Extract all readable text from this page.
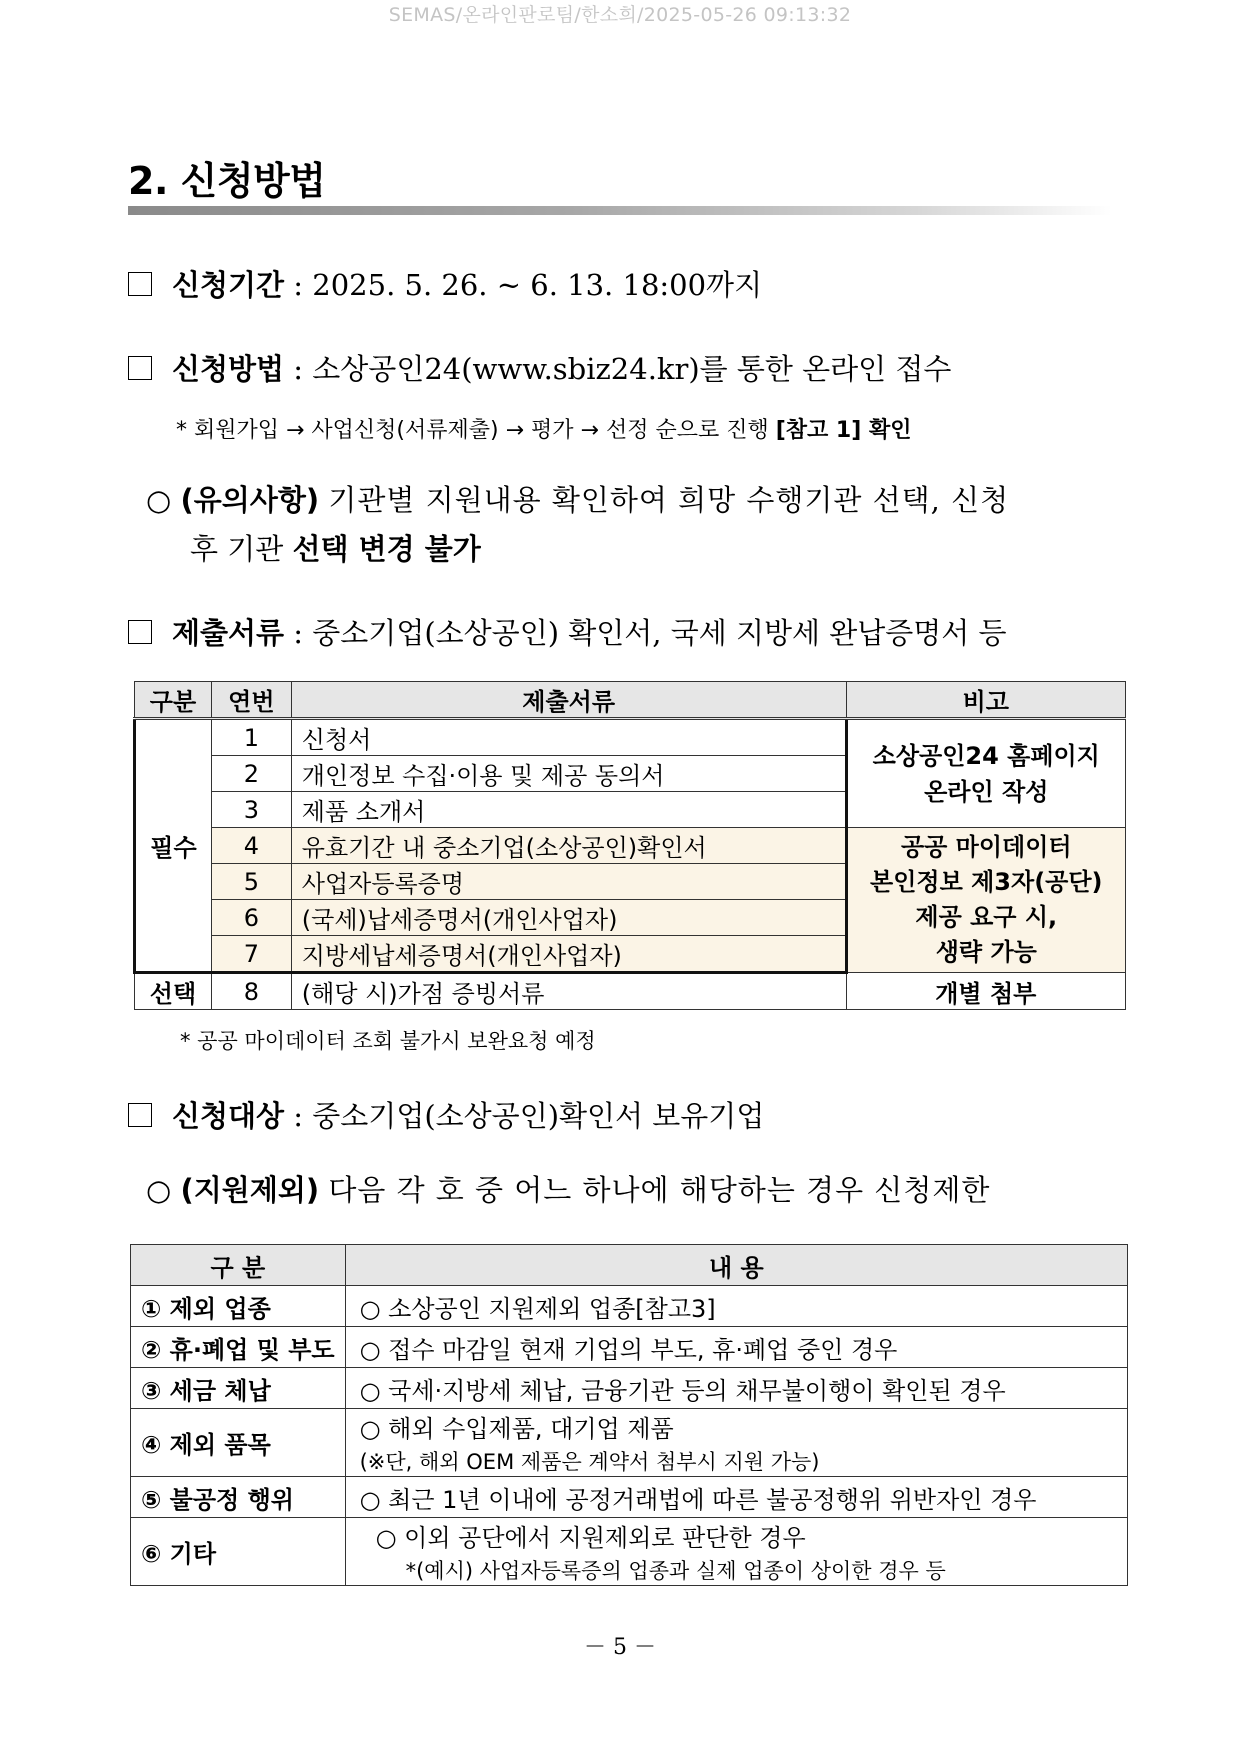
SEMAS/온라인판로팀/한소희/2025-05-26 09:13:32
2. 신청방법
신청기간 : 2025. 5. 26. ~ 6. 13. 18:00까지
신청방법 : 소상공인24(www.sbiz24.kr)를 통한 온라인 접수
* 회원가입 → 사업신청(서류제출) → 평가 → 선정 순으로 진행 [참고 1] 확인
○ (유의사항) 기관별 지원내용 확인하여 희망 수행기관 선택, 신청
후 기관 선택 변경 불가
제출서류 : 중소기업(소상공인) 확인서, 국세 지방세 완납증명서 등
구분	연번	제출서류	비고
필수	1	신청서	소상공인24 홈페이지
온라인 작성
	2	개인정보 수집·이용 및 제공 동의서	
	3	제품 소개서	
	4	유효기간 내 중소기업(소상공인)확인서	공공 마이데이터
본인정보 제3자(공단)
제공 요구 시,
생략 가능
	5	사업자등록증명	
	6	(국세)납세증명서(개인사업자)	
	7	지방세납세증명서(개인사업자)	
선택	8	(해당 시)가점 증빙서류	개별 첨부
* 공공 마이데이터 조회 불가시 보완요청 예정
신청대상 : 중소기업(소상공인)확인서 보유기업
○ (지원제외) 다음 각 호 중 어느 하나에 해당하는 경우 신청제한
구 분	내 용
① 제외 업종	○ 소상공인 지원제외 업종[참고3]
② 휴·폐업 및 부도	○ 접수 마감일 현재 기업의 부도, 휴·폐업 중인 경우
③ 세금 체납	○ 국세·지방세 체납, 금융기관 등의 채무불이행이 확인된 경우
④ 제외 품목	○ 해외 수입제품, 대기업 제품
(※단, 해외 OEM 제품은 계약서 첨부시 지원 가능)

⑤ 불공정 행위	○ 최근 1년 이내에 공정거래법에 따른 불공정행위 위반자인 경우
⑥ 기타	○ 이외 공단에서 지원제외로 판단한 경우
*(예시) 사업자등록증의 업종과 실제 업종이 상이한 경우 등
－ 5 －
